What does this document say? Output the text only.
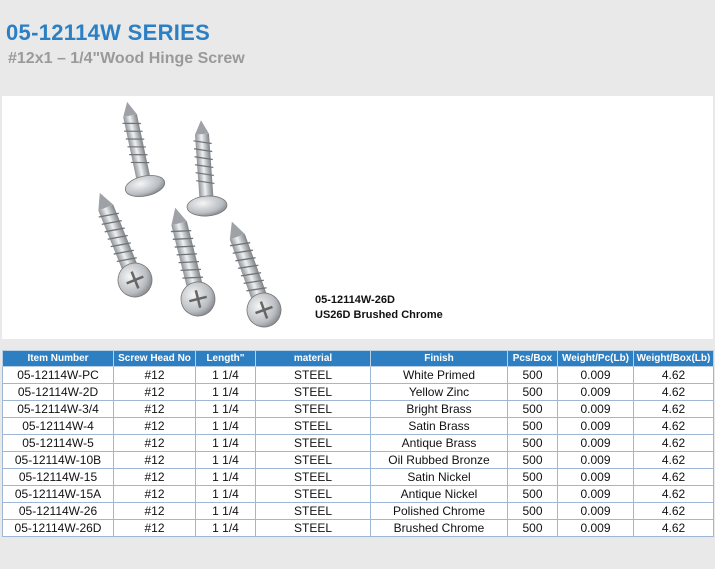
05-12114W SERIES
#12x1 – 1/4"Wood Hinge Screw
05-12114W-26D
US26D Brushed Chrome
Item Number	Screw Head No	Length"	material	Finish	Pcs/Box	Weight/Pc(Lb)	Weight/Box(Lb)
05-12114W-PC	#12	1 1/4	STEEL	White Primed	500	0.009	4.62
05-12114W-2D	#12	1 1/4	STEEL	Yellow Zinc	500	0.009	4.62
05-12114W-3/4	#12	1 1/4	STEEL	Bright Brass	500	0.009	4.62
05-12114W-4	#12	1 1/4	STEEL	Satin Brass	500	0.009	4.62
05-12114W-5	#12	1 1/4	STEEL	Antique Brass	500	0.009	4.62
05-12114W-10B	#12	1 1/4	STEEL	Oil Rubbed Bronze	500	0.009	4.62
05-12114W-15	#12	1 1/4	STEEL	Satin Nickel	500	0.009	4.62
05-12114W-15A	#12	1 1/4	STEEL	Antique Nickel	500	0.009	4.62
05-12114W-26	#12	1 1/4	STEEL	Polished Chrome	500	0.009	4.62
05-12114W-26D	#12	1 1/4	STEEL	Brushed Chrome	500	0.009	4.62
